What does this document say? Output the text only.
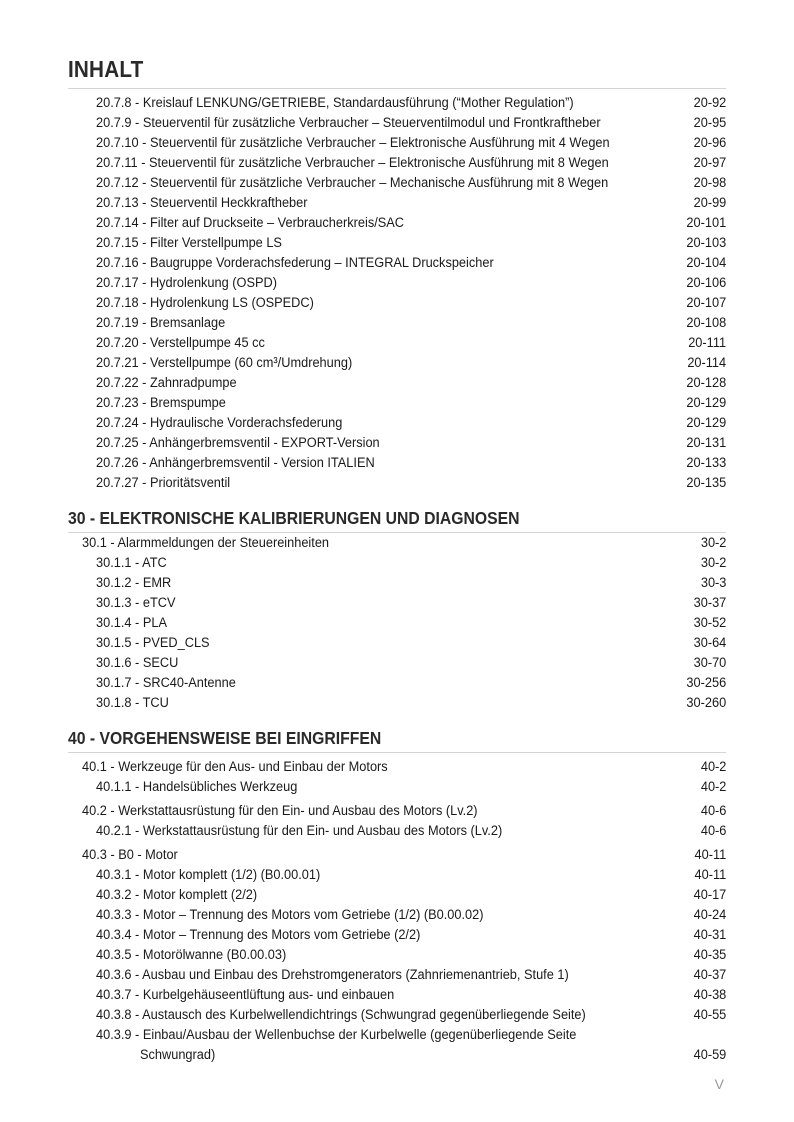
INHALT
20.7.8 - Kreislauf LENKUNG/GETRIEBE, Standardausführung (“Mother Regulation”)	20-92
20.7.9 - Steuerventil für zusätzliche Verbraucher – Steuerventilmodul und Frontkraftheber	20-95
20.7.10 - Steuerventil für zusätzliche Verbraucher – Elektronische Ausführung mit 4 Wegen	20-96
20.7.11 - Steuerventil für zusätzliche Verbraucher – Elektronische Ausführung mit 8 Wegen	20-97
20.7.12 - Steuerventil für zusätzliche Verbraucher – Mechanische Ausführung mit 8 Wegen	20-98
20.7.13 - Steuerventil Heckkraftheber	20-99
20.7.14 - Filter auf Druckseite – Verbraucherkreis/SAC	20-101
20.7.15 - Filter Verstellpumpe LS	20-103
20.7.16 - Baugruppe Vorderachsfederung – INTEGRAL Druckspeicher	20-104
20.7.17 - Hydrolenkung (OSPD)	20-106
20.7.18 - Hydrolenkung LS (OSPEDC)	20-107
20.7.19 - Bremsanlage	20-108
20.7.20 - Verstellpumpe 45 cc	20-111
20.7.21 - Verstellpumpe (60 cm³/Umdrehung)	20-114
20.7.22 - Zahnradpumpe	20-128
20.7.23 - Bremspumpe	20-129
20.7.24 - Hydraulische Vorderachsfederung	20-129
20.7.25 - Anhängerbremsventil - EXPORT-Version	20-131
20.7.26 - Anhängerbremsventil - Version ITALIEN	20-133
20.7.27 - Prioritätsventil	20-135
30 - ELEKTRONISCHE KALIBRIERUNGEN UND DIAGNOSEN
30.1 - Alarmmeldungen der Steuereinheiten	30-2
30.1.1 - ATC	30-2
30.1.2 - EMR	30-3
30.1.3 - eTCV	30-37
30.1.4 - PLA	30-52
30.1.5 - PVED_CLS	30-64
30.1.6 - SECU	30-70
30.1.7 - SRC40-Antenne	30-256
30.1.8 - TCU	30-260
40 - VORGEHENSWEISE BEI EINGRIFFEN
40.1 - Werkzeuge für den Aus- und Einbau der Motors	40-2
40.1.1 - Handelsübliches Werkzeug	40-2
40.2 - Werkstattausrüstung für den Ein- und Ausbau des Motors (Lv.2)	40-6
40.2.1 - Werkstattausrüstung für den Ein- und Ausbau des Motors (Lv.2)	40-6
40.3 - B0 - Motor	40-11
40.3.1 - Motor komplett (1/2) (B0.00.01)	40-11
40.3.2 - Motor komplett (2/2)	40-17
40.3.3 - Motor – Trennung des Motors vom Getriebe (1/2) (B0.00.02)	40-24
40.3.4 - Motor – Trennung des Motors vom Getriebe (2/2)	40-31
40.3.5 - Motorölwanne (B0.00.03)	40-35
40.3.6 - Ausbau und Einbau des Drehstromgenerators (Zahnriemenantrieb, Stufe 1)	40-37
40.3.7 - Kurbelgehäuseentlüftung aus- und einbauen	40-38
40.3.8 - Austausch des Kurbelwellendichtrings (Schwungrad gegenüberliegende Seite)	40-55
40.3.9 - Einbau/Ausbau der Wellenbuchse der Kurbelwelle (gegenüberliegende Seite
Schwungrad)	40-59
V
